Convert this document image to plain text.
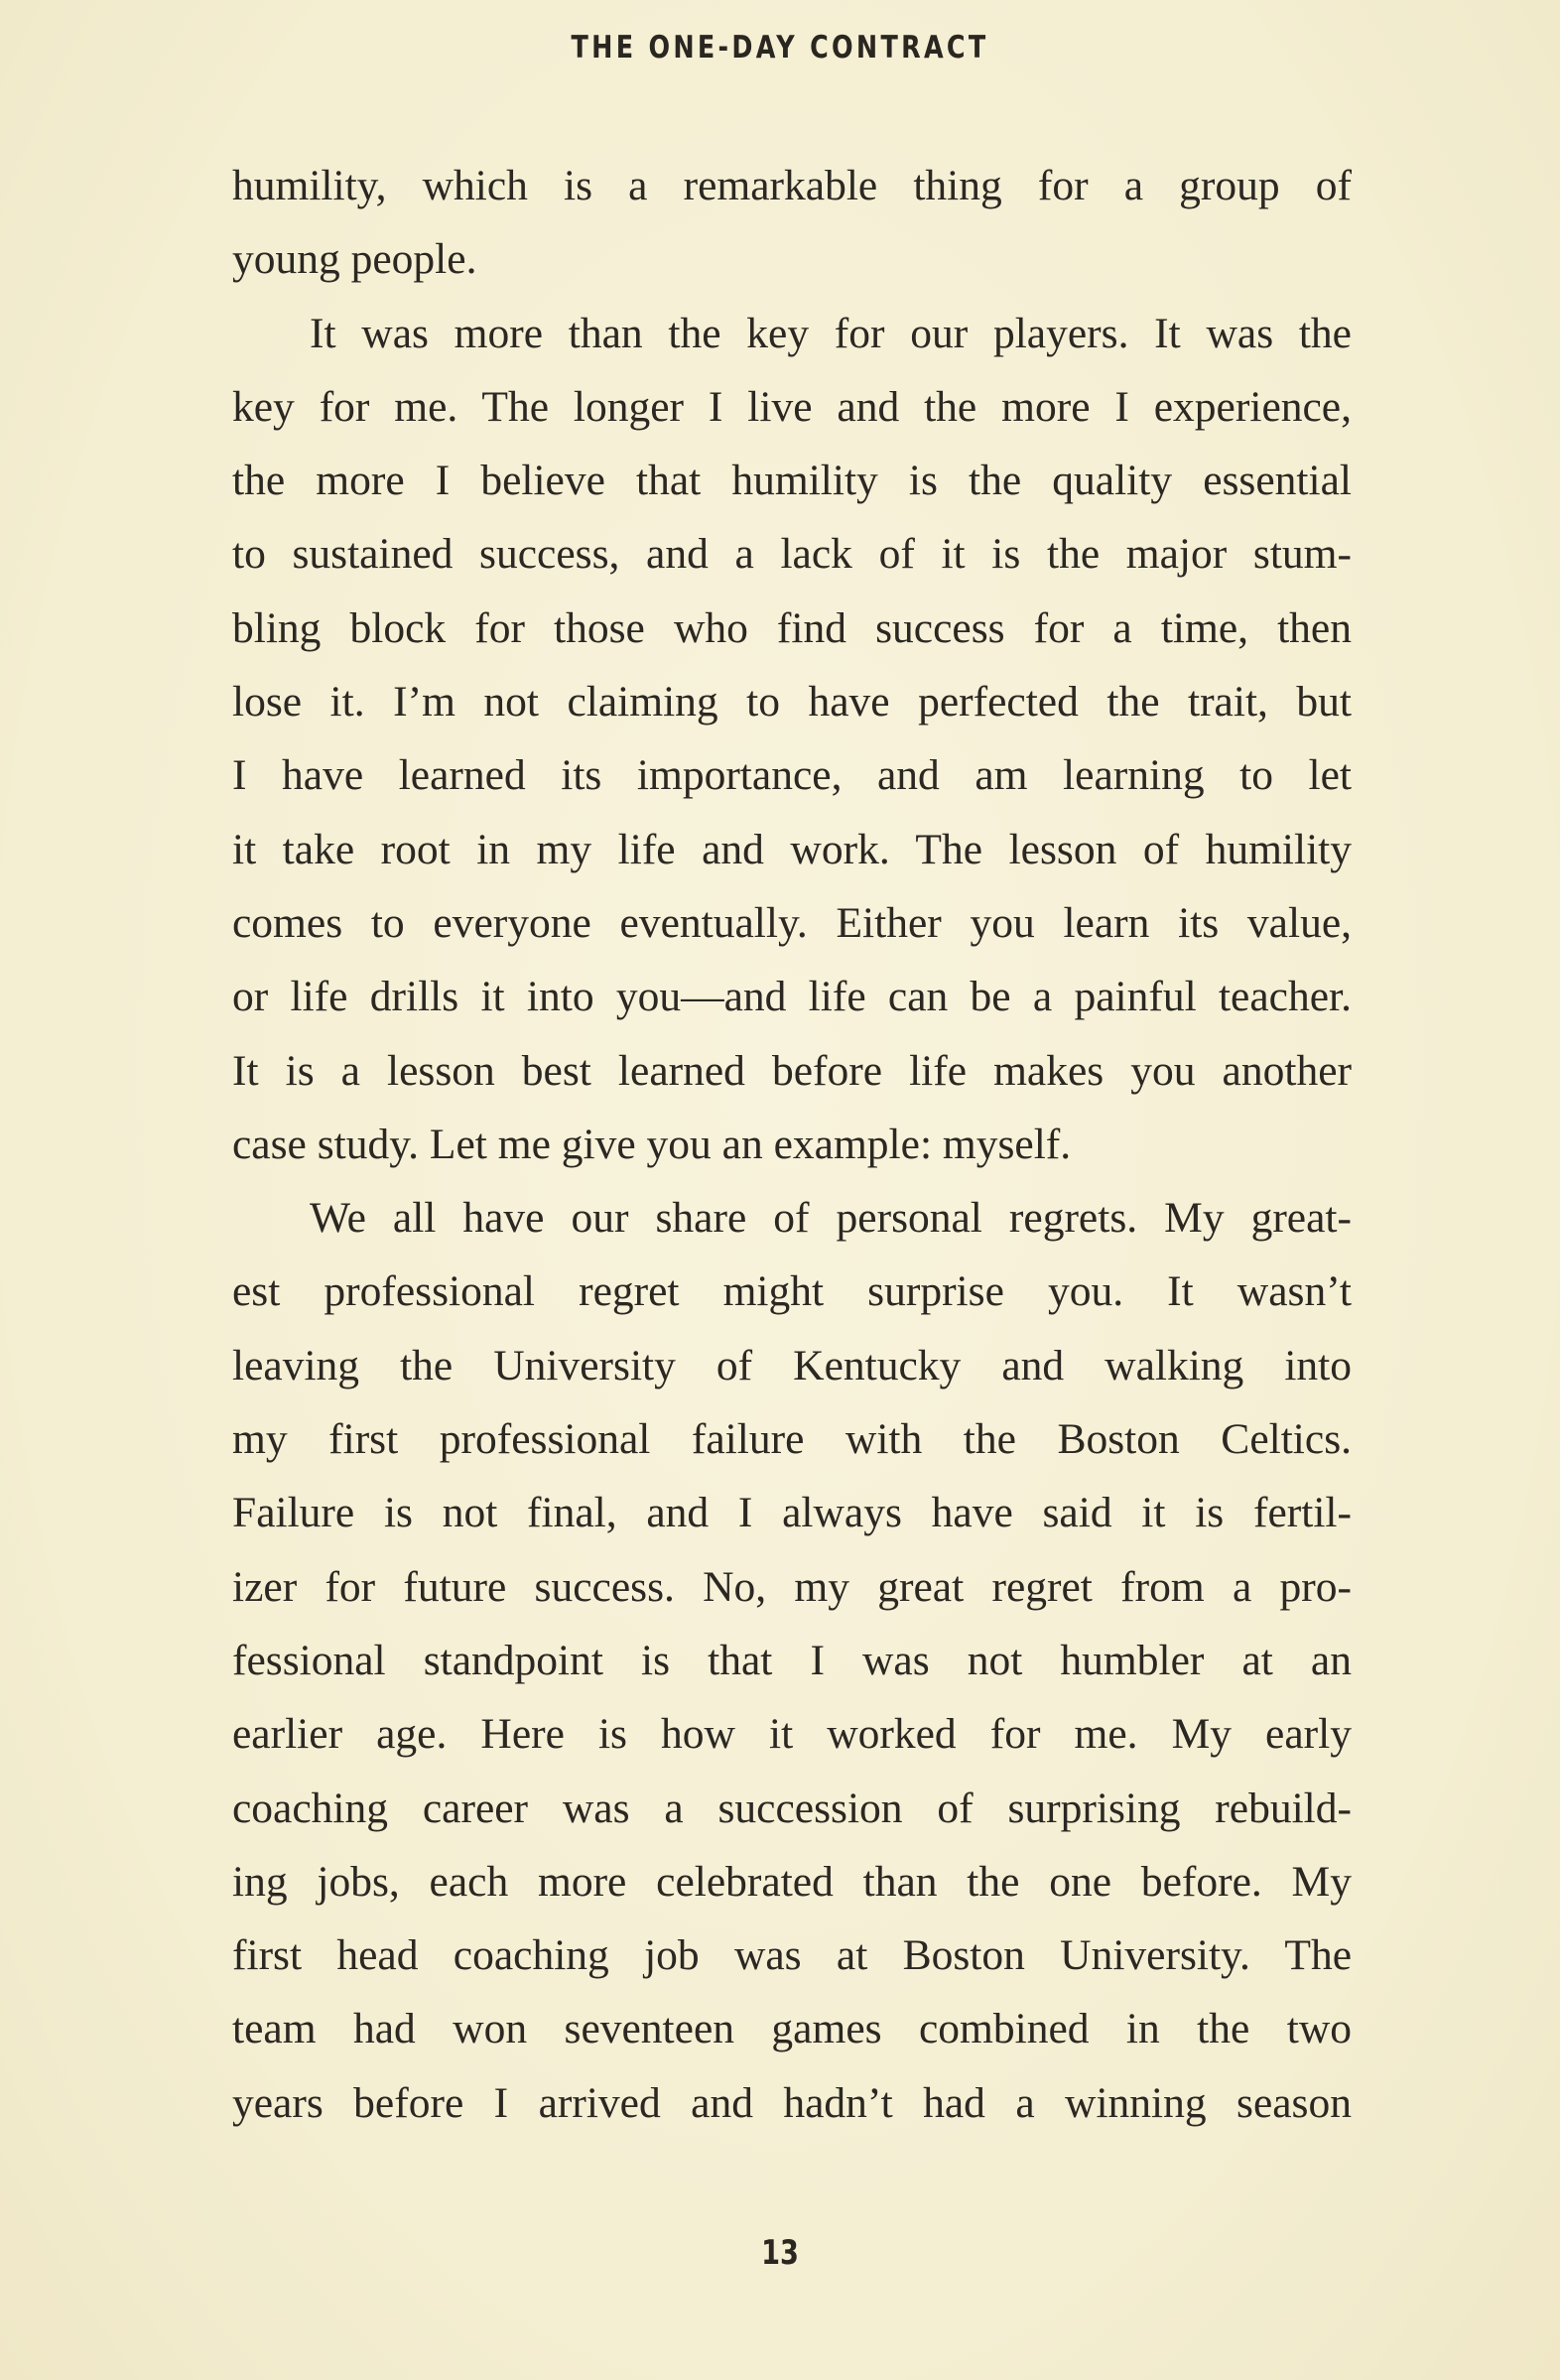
THE ONE-DAY CONTRACT
humility, which is a remarkable thing for a group of
young people.
It was more than the key for our players. It was the
key for me. The longer I live and the more I experience,
the more I believe that humility is the quality essential
to sustained success, and a lack of it is the major stum-
bling block for those who find success for a time, then
lose it. I’m not claiming to have perfected the trait, but
I have learned its importance, and am learning to let
it take root in my life and work. The lesson of humility
comes to everyone eventually. Either you learn its value,
or life drills it into you—and life can be a painful teacher.
It is a lesson best learned before life makes you another
case study. Let me give you an example: myself.
We all have our share of personal regrets. My great-
est professional regret might surprise you. It wasn’t
leaving the University of Kentucky and walking into
my first professional failure with the Boston Celtics.
Failure is not final, and I always have said it is fertil-
izer for future success. No, my great regret from a pro-
fessional standpoint is that I was not humbler at an
earlier age. Here is how it worked for me. My early
coaching career was a succession of surprising rebuild-
ing jobs, each more celebrated than the one before. My
first head coaching job was at Boston University. The
team had won seventeen games combined in the two
years before I arrived and hadn’t had a winning season
13
